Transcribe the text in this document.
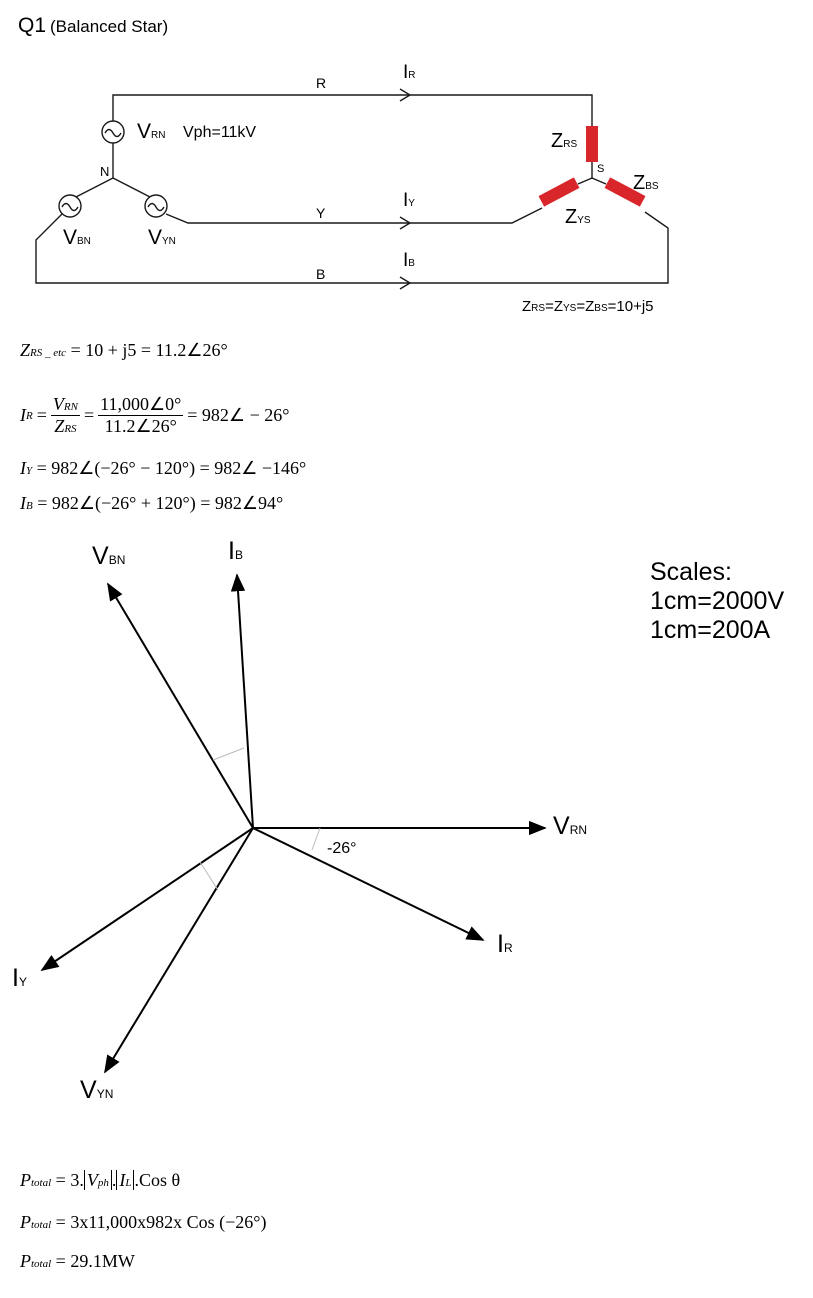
Q1 (Balanced Star)
R
Y
B
IR
IY
IB
VRN Vph=11kV
N
VBN	VYN
ZRS
S
ZBS
ZYS
ZRS=ZYS=ZBS=10+j5
ZRS _ etc = 10 + j5 = 11.2∠26°
I $R = \frac{\text{VRN}}{\text{ZRS}} = \frac{11,000\angle 0^\circ}{11.2\angle 26^\circ}$ = 982∠ − 26°
IY = 982∠(−26° − 120°) = 982∠ −146°
IB = 982∠(−26° + 120°) = 982∠94°
VBN	IB
VRN
-26°
IR
IY
VYN
Scales:
1cm=2000V
1cm=200A
Ptotal = 3. Vph . IL .Cos θ
Ptotal = 3x11,000x982x Cos (−26°)
Ptotal = 29.1MW
